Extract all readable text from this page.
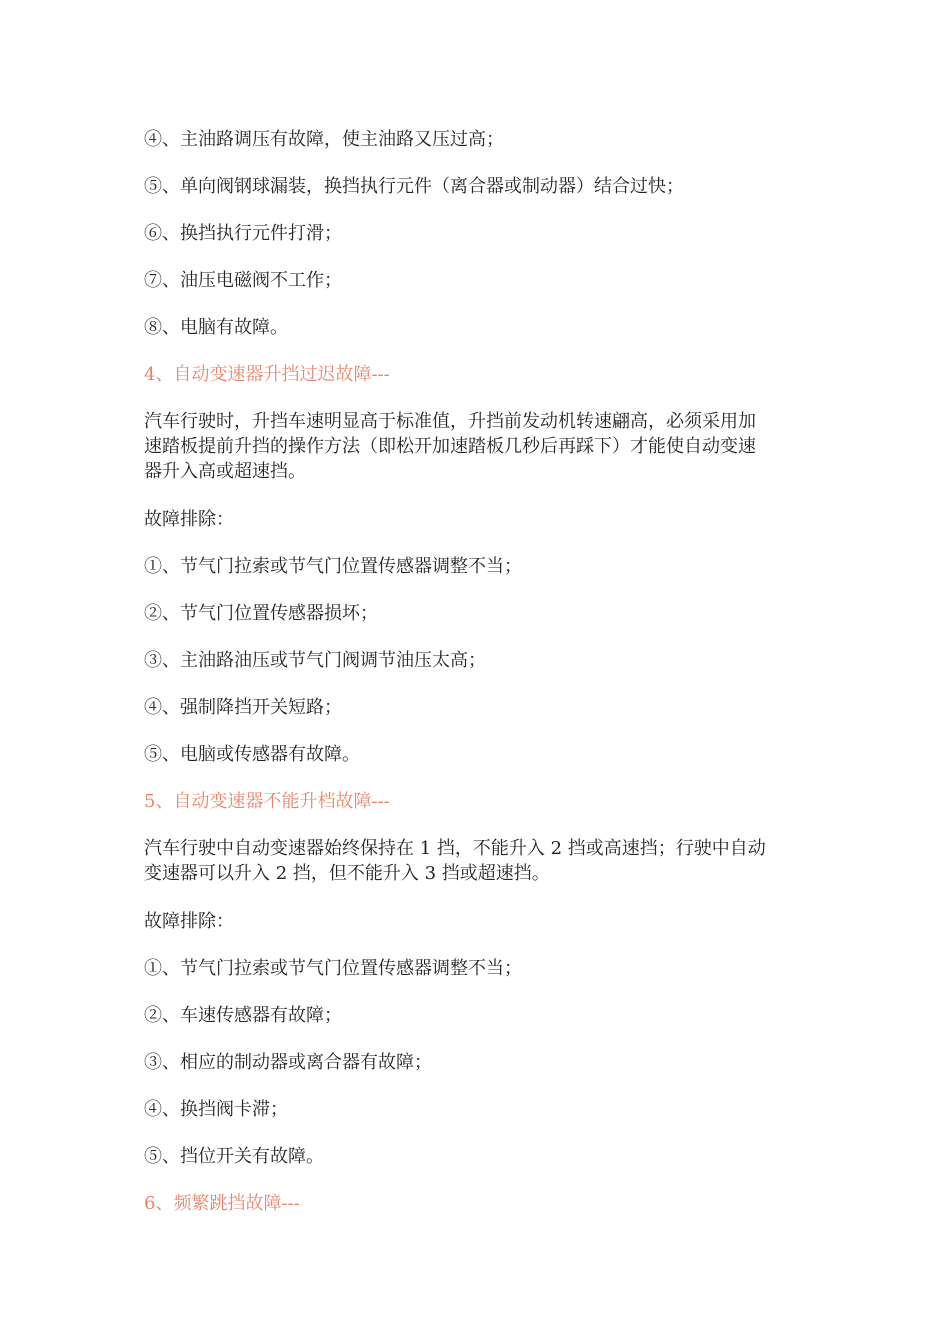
④、主油路调压有故障，使主油路又压过高；
⑤、单向阀钢球漏装，换挡执行元件（离合器或制动器）结合过快；
⑥、换挡执行元件打滑；
⑦、油压电磁阀不工作；
⑧、电脑有故障。
4、自动变速器升挡过迟故障---
汽车行驶时，升挡车速明显高于标准值，升挡前发动机转速翩高，必须采用加
速踏板提前升挡的操作方法（即松开加速踏板几秒后再踩下）才能使自动变速
器升入高或超速挡。
故障排除：
①、节气门拉索或节气门位置传感器调整不当；
②、节气门位置传感器损坏；
③、主油路油压或节气门阀调节油压太高；
④、强制降挡开关短路；
⑤、电脑或传感器有故障。
5、自动变速器不能升档故障---
汽车行驶中自动变速器始终保持在 1 挡，不能升入 2 挡或高速挡；行驶中自动
变速器可以升入 2 挡，但不能升入 3 挡或超速挡。
故障排除：
①、节气门拉索或节气门位置传感器调整不当；
②、车速传感器有故障；
③、相应的制动器或离合器有故障；
④、换挡阀卡滞；
⑤、挡位开关有故障。
6、频繁跳挡故障---
